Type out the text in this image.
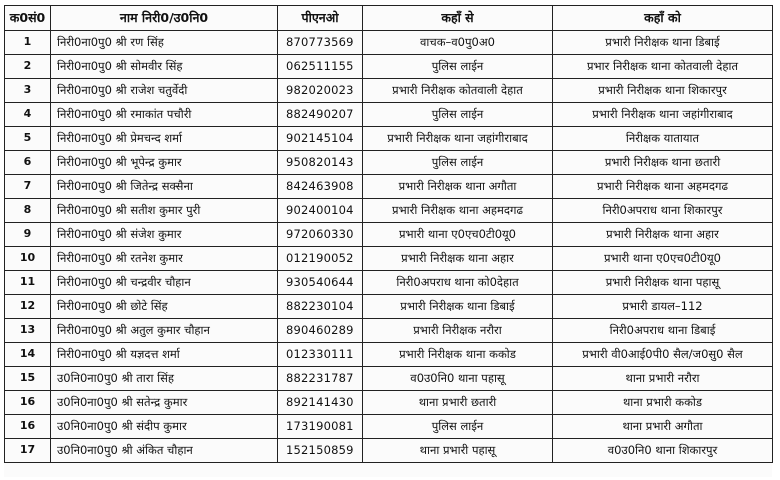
क0सं0	नाम निरी0/उ0नि0	पीएनओ	कहाँ से	कहाँ को
1	निरी0ना0पु0 श्री रण सिंह	870773569	वाचक–व0पु0अ0	प्रभारी निरीक्षक थाना डिबाई
2	निरी0ना0पु0 श्री सोमवीर सिंह	062511155	पुलिस लाईन	प्रभार निरीक्षक थाना कोतवाली देहात
3	निरी0ना0पु0 श्री राजेश चतुर्वेदी	982020023	प्रभारी निरीक्षक कोतवाली देहात	प्रभारी निरीक्षक थाना शिकारपुर
4	निरी0ना0पु0 श्री रमाकांत पचौरी	882490207	पुलिस लाईन	प्रभारी निरीक्षक थाना जहांगीराबाद
5	निरी0ना0पु0 श्री प्रेमचन्द शर्मा	902145104	प्रभारी निरीक्षक थाना जहांगीराबाद	निरीक्षक यातायात
6	निरी0ना0पु0 श्री भूपेन्द्र कुमार	950820143	पुलिस लाईन	प्रभारी निरीक्षक थाना छतारी
7	निरी0ना0पु0 श्री जितेन्द्र सक्सैना	842463908	प्रभारी निरीक्षक थाना अगौता	प्रभारी निरीक्षक थाना अहमदगढ
8	निरी0ना0पु0 श्री सतीश कुमार पुरी	902400104	प्रभारी निरीक्षक थाना अहमदगढ	निरी0अपराध थाना शिकारपुर
9	निरी0ना0पु0 श्री संजेश कुमार	972060330	प्रभारी थाना ए0एच0टी0यू0	प्रभारी निरीक्षक थाना अहार
10	निरी0ना0पु0 श्री रतनेश कुमार	012190052	प्रभारी निरीक्षक थाना अहार	प्रभारी थाना ए0एच0टी0यू0
11	निरी0ना0पु0 श्री चन्द्रवीर चौहान	930540644	निरी0अपराध थाना को0देहात	प्रभारी निरीक्षक थाना पहासू
12	निरी0ना0पु0 श्री छोटे सिंह	882230104	प्रभारी निरीक्षक थाना डिबाई	प्रभारी डायल–112
13	निरी0ना0पु0 श्री अतुल कुमार चौहान	890460289	प्रभारी निरीक्षक नरौरा	निरी0अपराध थाना डिबाई
14	निरी0ना0पु0 श्री यज्ञदत्त शर्मा	012330111	प्रभारी निरीक्षक थाना ककोड	प्रभारी वी0आई0पी0 सैल/ज0सु0 सैल
15	उ0नि0ना0पु0 श्री तारा सिंह	882231787	व0उ0नि0 थाना पहासू	थाना प्रभारी नरौरा
16	उ0नि0ना0पु0 श्री सतेन्द्र कुमार	892141430	थाना प्रभारी छतारी	थाना प्रभारी ककोड
16	उ0नि0ना0पु0 श्री संदीप कुमार	173190081	पुलिस लाईन	थाना प्रभारी अगौता
17	उ0नि0ना0पु0 श्री अंकित चौहान	152150859	थाना प्रभारी पहासू	व0उ0नि0 थाना शिकारपुर
